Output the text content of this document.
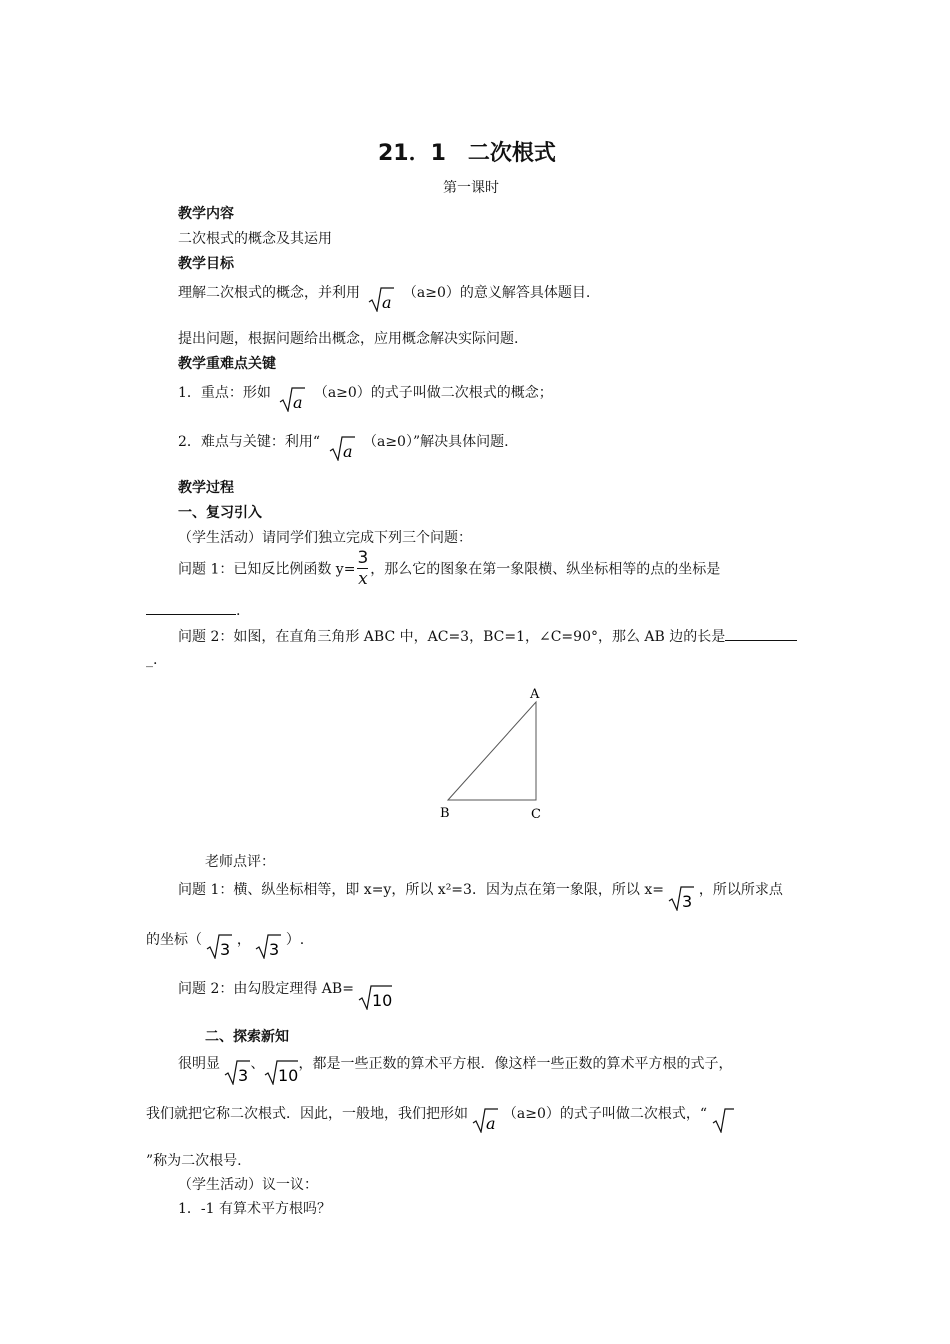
21．1　二次根式
第一课时
教学内容
二次根式的概念及其运用
教学目标
理解二次根式的概念，并利用 a （a≥0）的意义解答具体题目.
提出问题，根据问题给出概念，应用概念解决实际问题.
教学重难点关键
1．重点：形如 a （a≥0）的式子叫做二次根式的概念；
2．难点与关键：利用“ a （a≥0）”解决具体问题.
教学过程
一、复习引入
（学生活动）请同学们独立完成下列三个问题：
问题 1：已知反比例函数 $y= \frac{3}{x}$ ，那么它的图象在第一象限横、纵坐标相等的点的坐标是
.
问题 2：如图，在直角三角形 ABC 中，AC=3，BC=1，∠C=90°，那么 AB 边的长是
_.
A
B	C
老师点评：
问题 1：横、纵坐标相等，即 x=y，所以 x²=3．因为点在第一象限，所以 x=
3
，所以所求点
的坐标（ 3 ， 3 ）.
问题 2：由勾股定理得 AB=
10
二、探索新知
很明显
3
、
10
，都是一些正数的算术平方根．像这样一些正数的算术平方根的式子，
我们就把它称二次根式．因此，一般地，我们把形如 a （a≥0）的式子叫做二次根式，“
”称为二次根号.
（学生活动）议一议：
1．-1 有算术平方根吗？
